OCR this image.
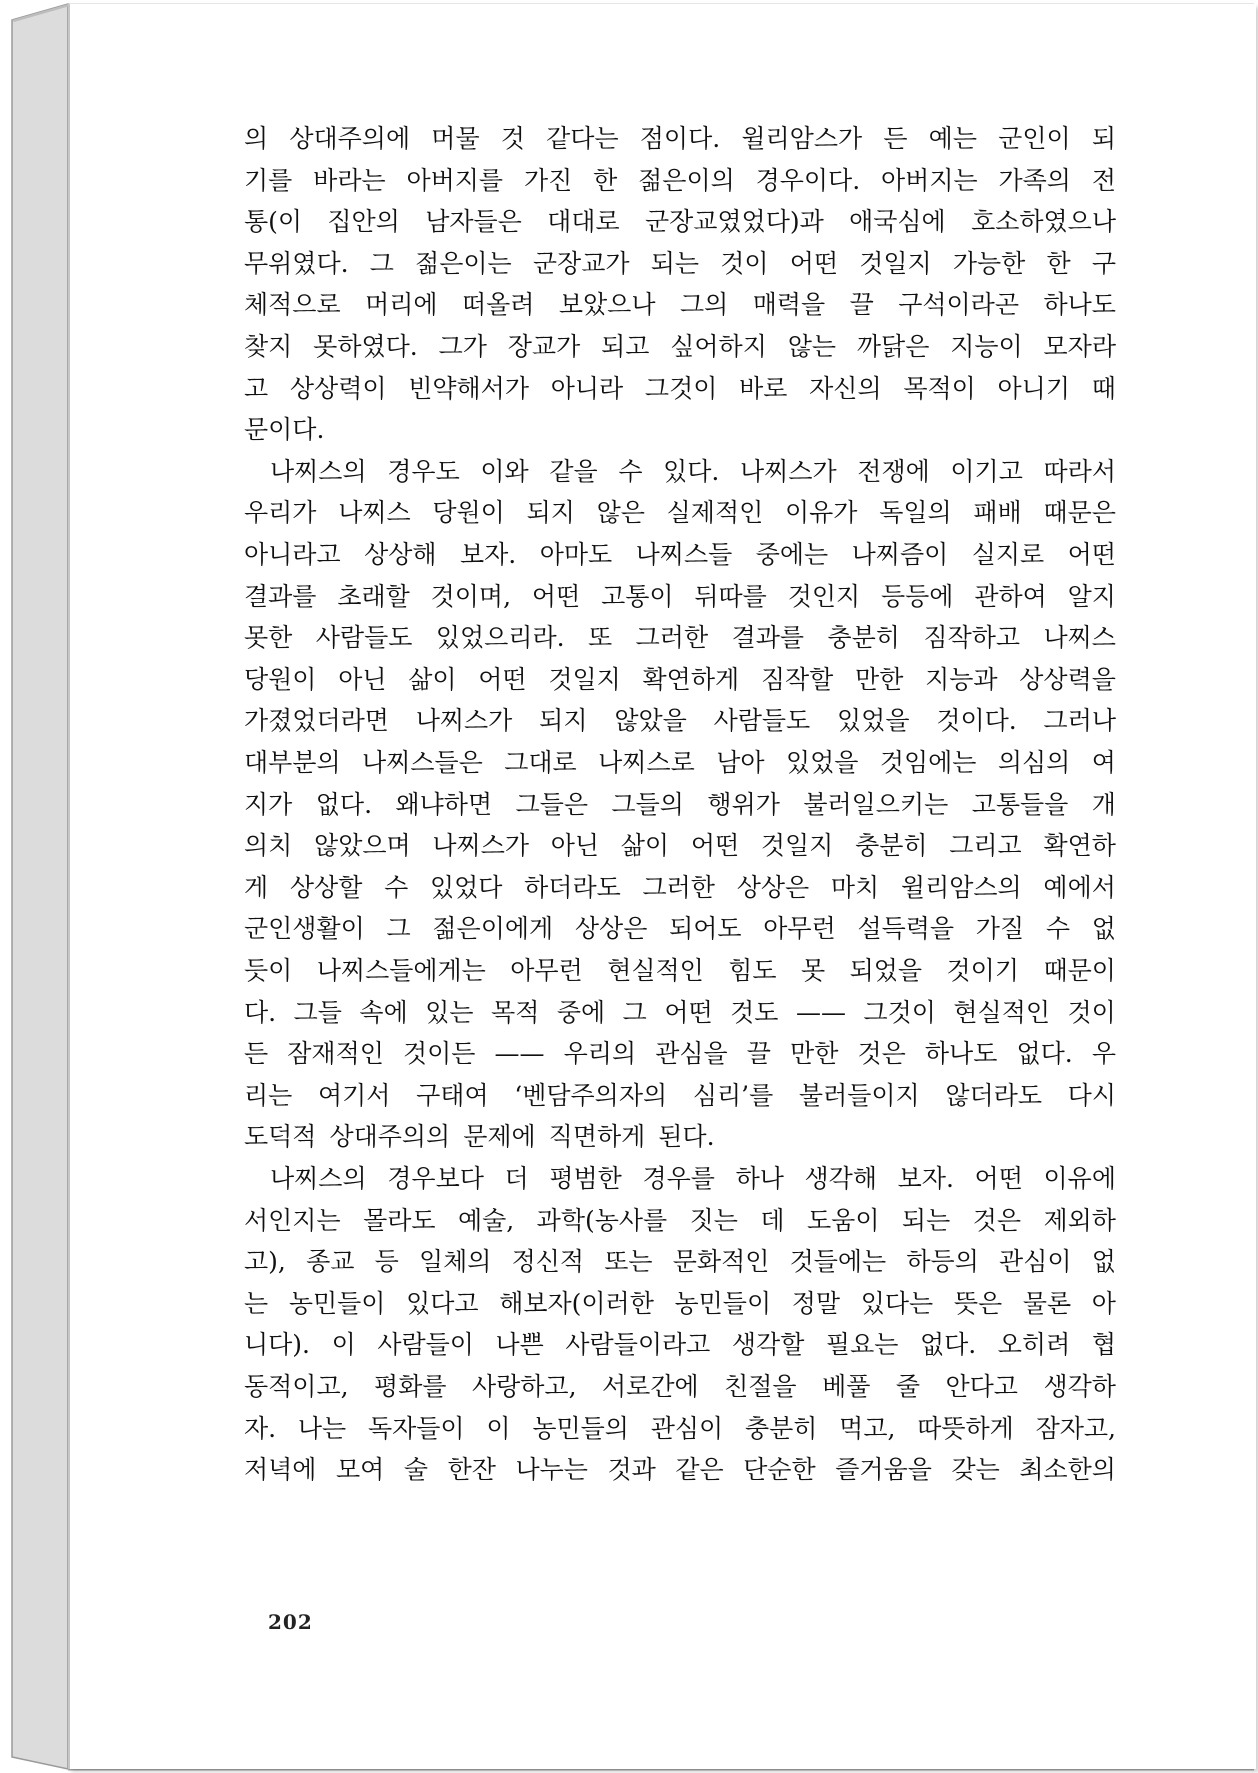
의 상대주의에 머물 것 같다는 점이다. 윌리암스가 든 예는 군인이 되
기를 바라는 아버지를 가진 한 젊은이의 경우이다. 아버지는 가족의 전
통(이 집안의 남자들은 대대로 군장교였었다)과 애국심에 호소하였으나
무위였다. 그 젊은이는 군장교가 되는 것이 어떤 것일지 가능한 한 구
체적으로 머리에 떠올려 보았으나 그의 매력을 끌 구석이라곤 하나도
찾지 못하였다. 그가 장교가 되고 싶어하지 않는 까닭은 지능이 모자라
고 상상력이 빈약해서가 아니라 그것이 바로 자신의 목적이 아니기 때
문이다.
나찌스의 경우도 이와 같을 수 있다. 나찌스가 전쟁에 이기고 따라서
우리가 나찌스 당원이 되지 않은 실제적인 이유가 독일의 패배 때문은
아니라고 상상해 보자. 아마도 나찌스들 중에는 나찌즘이 실지로 어떤
결과를 초래할 것이며, 어떤 고통이 뒤따를 것인지 등등에 관하여 알지
못한 사람들도 있었으리라. 또 그러한 결과를 충분히 짐작하고 나찌스
당원이 아닌 삶이 어떤 것일지 확연하게 짐작할 만한 지능과 상상력을
가졌었더라면 나찌스가 되지 않았을 사람들도 있었을 것이다. 그러나
대부분의 나찌스들은 그대로 나찌스로 남아 있었을 것임에는 의심의 여
지가 없다. 왜냐하면 그들은 그들의 행위가 불러일으키는 고통들을 개
의치 않았으며 나찌스가 아닌 삶이 어떤 것일지 충분히 그리고 확연하
게 상상할 수 있었다 하더라도 그러한 상상은 마치 윌리암스의 예에서
군인생활이 그 젊은이에게 상상은 되어도 아무런 설득력을 가질 수 없
듯이 나찌스들에게는 아무런 현실적인 힘도 못 되었을 것이기 때문이
다. 그들 속에 있는 목적 중에 그 어떤 것도 —— 그것이 현실적인 것이
든 잠재적인 것이든 —— 우리의 관심을 끌 만한 것은 하나도 없다. 우
리는 여기서 구태여 ‘벤담주의자의 심리’를 불러들이지 않더라도 다시
도덕적 상대주의의 문제에 직면하게 된다.
나찌스의 경우보다 더 평범한 경우를 하나 생각해 보자. 어떤 이유에
서인지는 몰라도 예술, 과학(농사를 짓는 데 도움이 되는 것은 제외하
고), 종교 등 일체의 정신적 또는 문화적인 것들에는 하등의 관심이 없
는 농민들이 있다고 해보자(이러한 농민들이 정말 있다는 뜻은 물론 아
니다). 이 사람들이 나쁜 사람들이라고 생각할 필요는 없다. 오히려 협
동적이고, 평화를 사랑하고, 서로간에 친절을 베풀 줄 안다고 생각하
자. 나는 독자들이 이 농민들의 관심이 충분히 먹고, 따뜻하게 잠자고,
저녁에 모여 술 한잔 나누는 것과 같은 단순한 즐거움을 갖는 최소한의
202
